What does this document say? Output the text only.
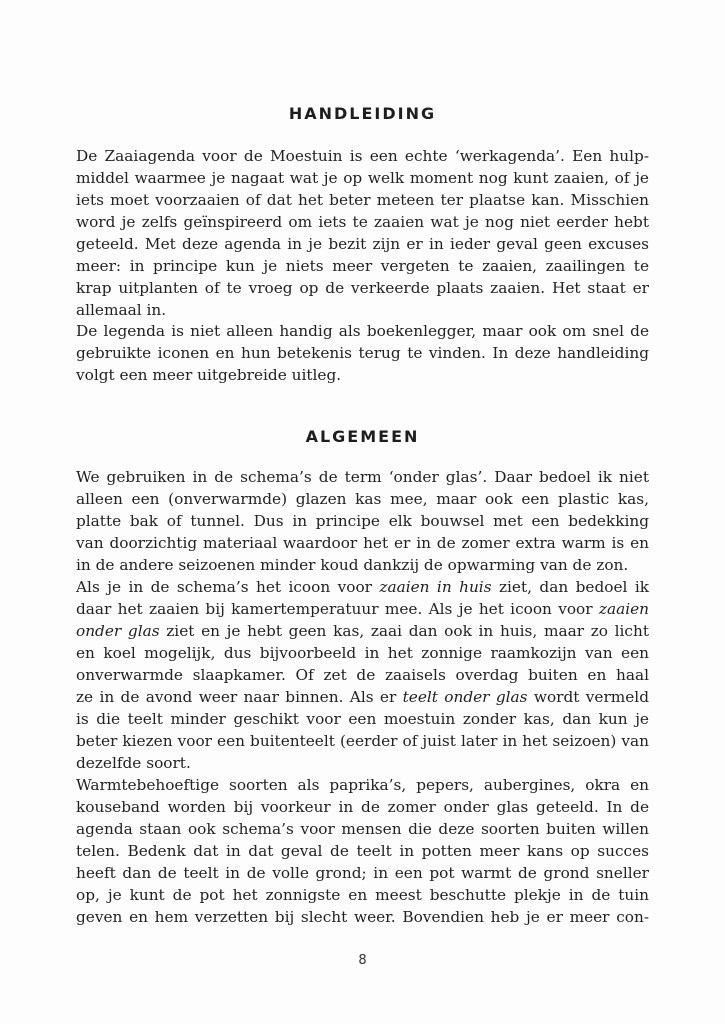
HANDLEIDING

De Zaaiagenda voor de Moestuin is een echte ‘werkagenda’. Een hulp-
middel waarmee je nagaat wat je op welk moment nog kunt zaaien, of je
iets moet voorzaaien of dat het beter meteen ter plaatse kan. Misschien
word je zelfs geïnspireerd om iets te zaaien wat je nog niet eerder hebt
geteeld. Met deze agenda in je bezit zijn er in ieder geval geen excuses
meer: in principe kun je niets meer vergeten te zaaien, zaailingen te
krap uitplanten of te vroeg op de verkeerde plaats zaaien. Het staat er
allemaal in.

De legenda is niet alleen handig als boekenlegger, maar ook om snel de
gebruikte iconen en hun betekenis terug te vinden. In deze handleiding
volgt een meer uitgebreide uitleg.

ALGEMEEN

We gebruiken in de schema’s de term ‘onder glas’. Daar bedoel ik niet
alleen een (onverwarmde) glazen kas mee, maar ook een plastic kas,
platte bak of tunnel. Dus in principe elk bouwsel met een bedekking
van doorzichtig materiaal waardoor het er in de zomer extra warm is en
in de andere seizoenen minder koud dankzij de opwarming van de zon.

Als je in de schema’s het icoon voor zaaien in huis ziet, dan bedoel ik
daar het zaaien bij kamertemperatuur mee. Als je het icoon voor zaaien
onder glas ziet en je hebt geen kas, zaai dan ook in huis, maar zo licht
en koel mogelijk, dus bijvoorbeeld in het zonnige raamkozijn van een
onverwarmde slaapkamer. Of zet de zaaisels overdag buiten en haal
ze in de avond weer naar binnen. Als er teelt onder glas wordt vermeld
is die teelt minder geschikt voor een moestuin zonder kas, dan kun je
beter kiezen voor een buitenteelt (eerder of juist later in het seizoen) van
dezelfde soort.

Warmtebehoeftige soorten als paprika’s, pepers, aubergines, okra en
kouseband worden bij voorkeur in de zomer onder glas geteeld. In de
agenda staan ook schema’s voor mensen die deze soorten buiten willen
telen. Bedenk dat in dat geval de teelt in potten meer kans op succes
heeft dan de teelt in de volle grond; in een pot warmt de grond sneller
op, je kunt de pot het zonnigste en meest beschutte plekje in de tuin
geven en hem verzetten bij slecht weer. Bovendien heb je er meer con-

8
